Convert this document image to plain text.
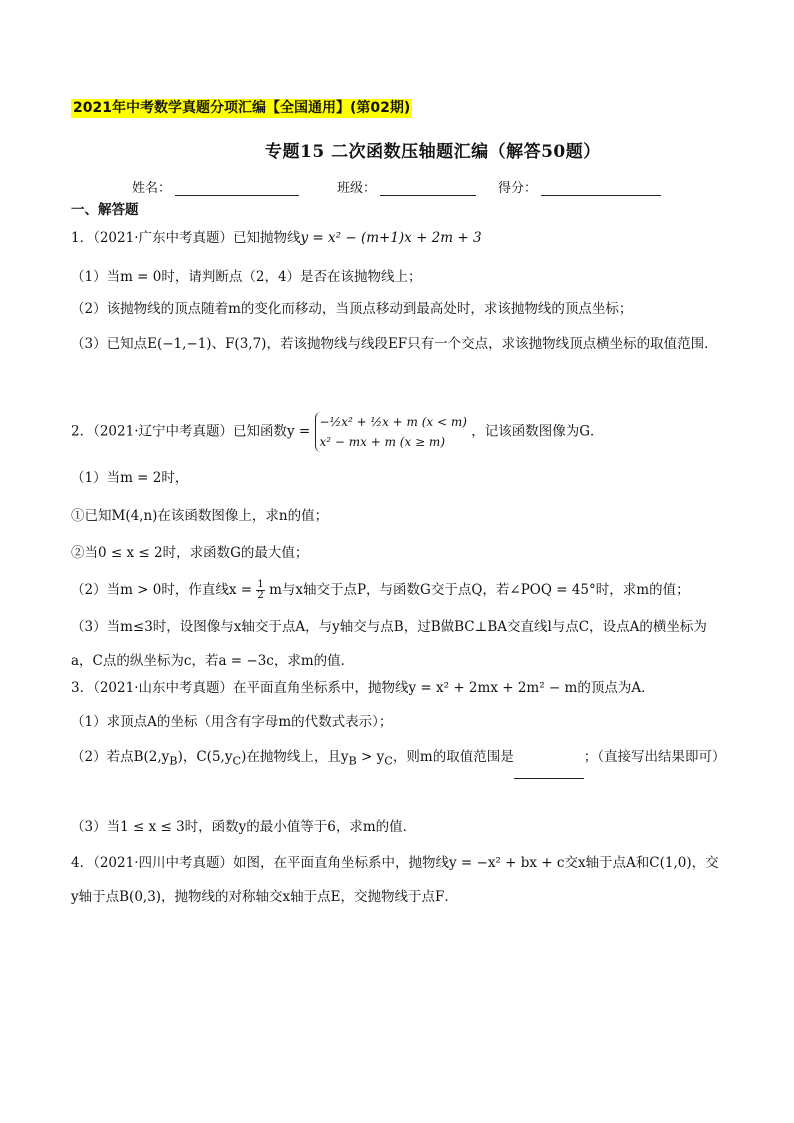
2021年中考数学真题分项汇编【全国通用】(第02期)
专题15 二次函数压轴题汇编（解答50题）
姓名：	班级：	得分：
一、解答题
1．（2021·广东中考真题）已知抛物线y = x² − (m+1)x + 2m + 3
（1）当m = 0时，请判断点（2，4）是否在该抛物线上；
（2）该抛物线的顶点随着m的变化而移动，当顶点移动到最高处时，求该抛物线的顶点坐标；
（3）已知点E(−1,−1)、F(3,7)，若该抛物线与线段EF只有一个交点，求该抛物线顶点横坐标的取值范围．
2．（2021·辽宁中考真题）已知函数y =
−½x² + ½x + m (x < m)
x² − mx + m (x ≥ m)
，记该函数图像为G．
（1）当m = 2时，
①已知M(4,n)在该函数图像上，求n的值；
②当0 ≤ x ≤ 2时，求函数G的最大值；
（2）当m > 0时，作直线$x = \frac{1}{2}$ m与x轴交于点P，与函数G交于点Q，若∠POQ = 45°时，求m的值；
（3）当m≤3时，设图像与x轴交于点A，与y轴交与点B，过B做BC⊥BA交直线l与点C，设点A的横坐标为a，C点的纵坐标为c，若a = −3c，求m的值．
3．（2021·山东中考真题）在平面直角坐标系中，抛物线y = x² + 2mx + 2m² − m的顶点为A．
（1）求顶点A的坐标（用含有字母m的代数式表示）；
（2）若点$B(2,y_B)$，$C(5,y_C)$在抛物线上，且$y_B > y_C$，则m的取值范围是	；（直接写出结果即可）
（3）当1 ≤ x ≤ 3时，函数y的最小值等于6，求m的值．
4．（2021·四川中考真题）如图，在平面直角坐标系中，抛物线y = −x² + bx + c交x轴于点A和C(1,0)，交y轴于点B(0,3)，抛物线的对称轴交x轴于点E，交抛物线于点F．
